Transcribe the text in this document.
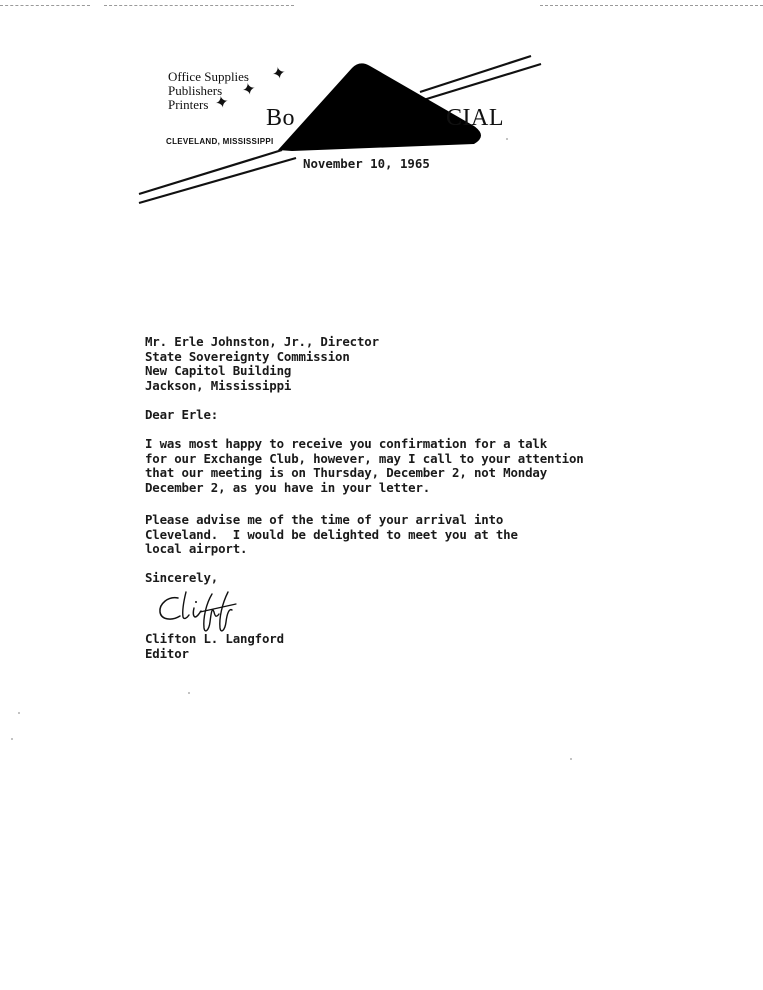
Office Supplies ✦
Publishers ✦
Printers ✦
Bo	CIAL
CLEVELAND, MISSISSIPPI
November 10, 1965
Mr. Erle Johnston, Jr., Director
State Sovereignty Commission
New Capitol Building
Jackson, Mississippi
Dear Erle:
I was most happy to receive you confirmation for a talk
for our Exchange Club, however, may I call to your attention
that our meeting is on Thursday, December 2, not Monday
December 2, as you have in your letter.
Please advise me of the time of your arrival into
Cleveland.  I would be delighted to meet you at the
local airport.
Sincerely,
Clifton L. Langford
Editor
